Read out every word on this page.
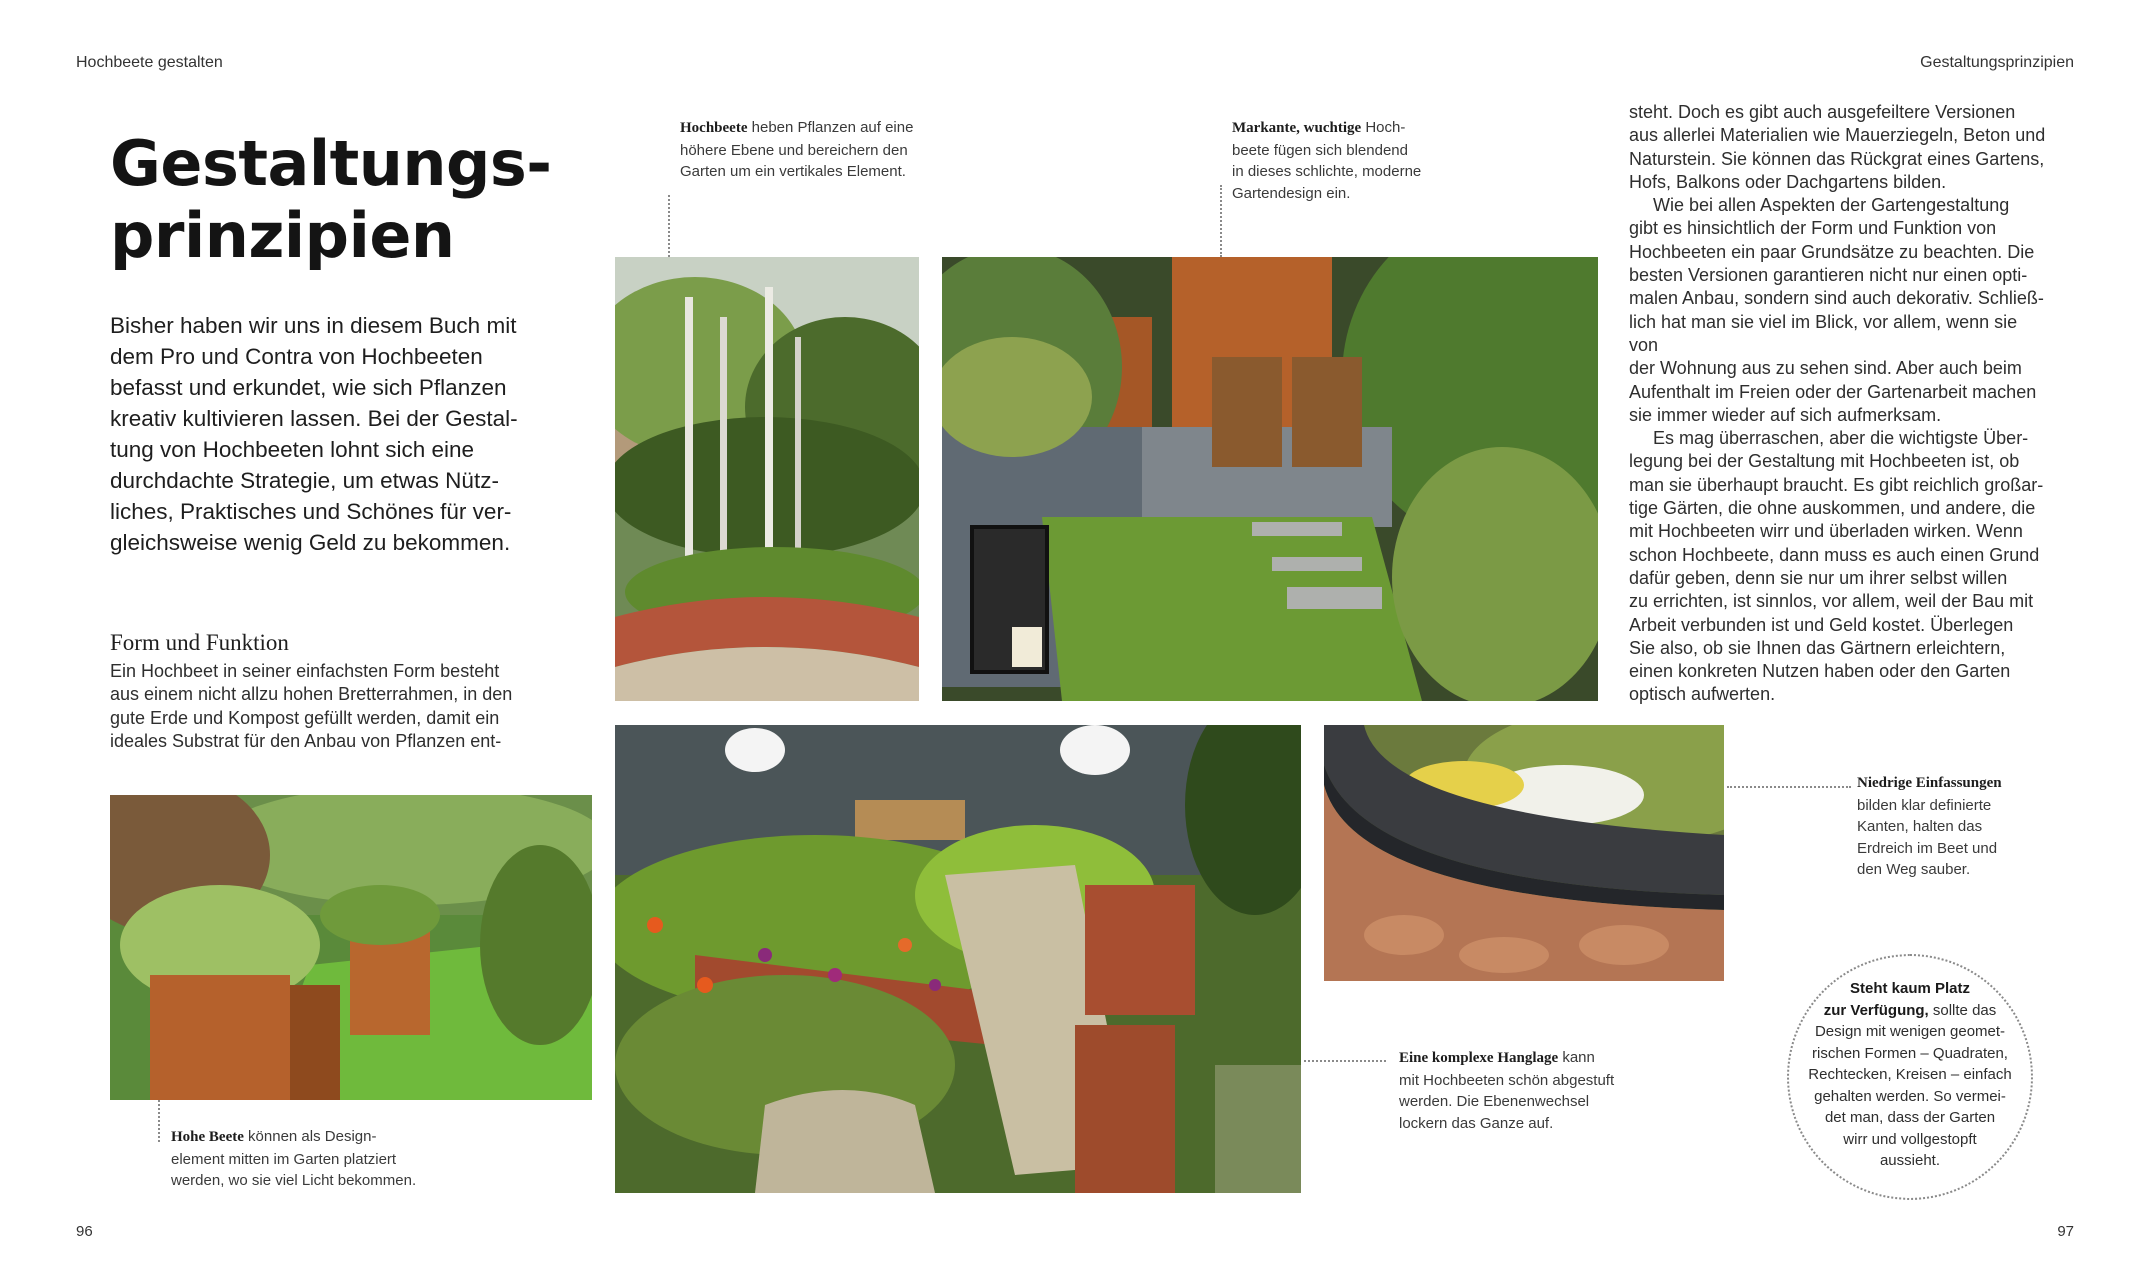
Hochbeete gestalten	Gestaltungsprinzipien
Gestaltungs-
prinzipien
Bisher haben wir uns in diesem Buch mit
dem Pro und Contra von Hochbeeten
befasst und erkundet, wie sich Pflanzen
kreativ kultivieren lassen. Bei der Gestal-
tung von Hochbeeten lohnt sich eine
durchdachte Strategie, um etwas Nütz-
liches, Praktisches und Schönes für ver-
gleichsweise wenig Geld zu bekommen.
Form und Funktion
Ein Hochbeet in seiner einfachsten Form besteht
aus einem nicht allzu hohen Bretterrahmen, in den
gute Erde und Kompost gefüllt werden, damit ein
ideales Substrat für den Anbau von Pflanzen ent-
steht. Doch es gibt auch ausgefeiltere Versionen
aus allerlei Materialien wie Mauerziegeln, Beton und
Naturstein. Sie können das Rückgrat eines Gartens,
Hofs, Balkons oder Dachgartens bilden.
Wie bei allen Aspekten der Gartengestaltung
gibt es hinsichtlich der Form und Funktion von
Hochbeeten ein paar Grundsätze zu beachten. Die
besten Versionen garantieren nicht nur einen opti-
malen Anbau, sondern sind auch dekorativ. Schließ-
lich hat man sie viel im Blick, vor allem, wenn sie von
der Wohnung aus zu sehen sind. Aber auch beim
Aufenthalt im Freien oder der Gartenarbeit machen
sie immer wieder auf sich aufmerksam.
Es mag überraschen, aber die wichtigste Über-
legung bei der Gestaltung mit Hochbeeten ist, ob
man sie überhaupt braucht. Es gibt reichlich großar-
tige Gärten, die ohne auskommen, und andere, die
mit Hochbeeten wirr und überladen wirken. Wenn
schon Hochbeete, dann muss es auch einen Grund
dafür geben, denn sie nur um ihrer selbst willen
zu errichten, ist sinnlos, vor allem, weil der Bau mit
Arbeit verbunden ist und Geld kostet. Überlegen
Sie also, ob sie Ihnen das Gärtnern erleichtern,
einen konkreten Nutzen haben oder den Garten
optisch aufwerten.
Hochbeete heben Pflanzen auf eine
höhere Ebene und bereichern den
Garten um ein vertikales Element.
Markante, wuchtige Hoch-
beete fügen sich blendend
in dieses schlichte, moderne
Gartendesign ein.
Niedrige Einfassungen
bilden klar definierte
Kanten, halten das
Erdreich im Beet und
den Weg sauber.
Eine komplexe Hanglage kann
mit Hochbeeten schön abgestuft
werden. Die Ebenenwechsel
lockern das Ganze auf.
Hohe Beete können als Design-
element mitten im Garten platziert
werden, wo sie viel Licht bekommen.
Steht kaum Platz
zur Verfügung, sollte das
Design mit wenigen geomet-
rischen Formen – Quadraten,
Rechtecken, Kreisen – einfach
gehalten werden. So vermei-
det man, dass der Garten
wirr und vollgestopft
aussieht.
96	97
